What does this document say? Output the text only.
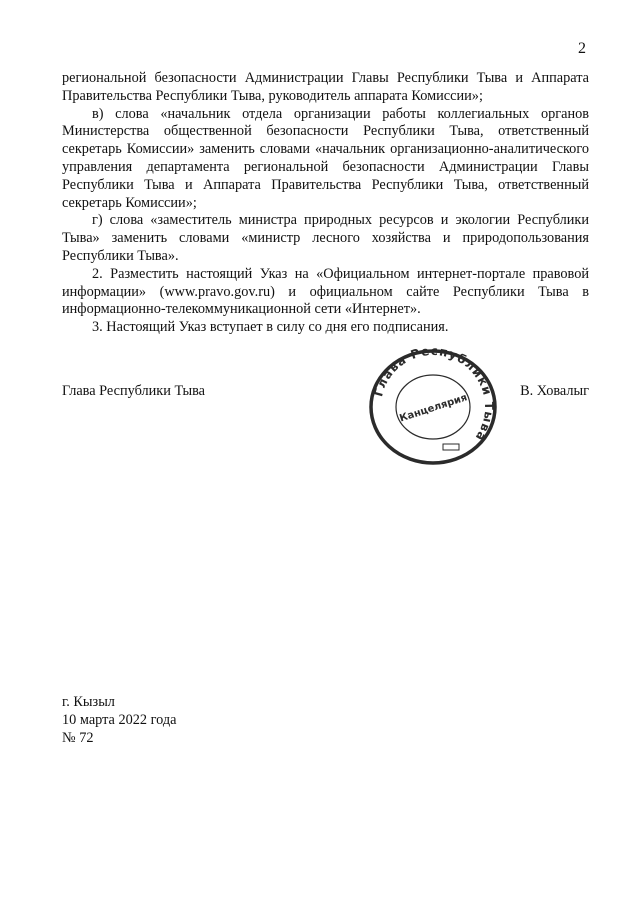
2

региональной безопасности Администрации Главы Республики Тыва и Аппарата Правительства Республики Тыва, руководитель аппарата Комиссии»;

в) слова «начальник отдела организации работы коллегиальных органов Министерства общественной безопасности Республики Тыва, ответственный секретарь Комиссии» заменить словами «начальник организационно-аналитического управления департамента региональной безопасности Администрации Главы Республики Тыва и Аппарата Правительства Республики Тыва, ответственный секретарь Комиссии»;

г) слова «заместитель министра природных ресурсов и экологии Республики Тыва» заменить словами «министр лесного хозяйства и природопользования Республики Тыва».

2. Разместить настоящий Указ на «Официальном интернет-портале правовой информации» (www.pravo.gov.ru) и официальном сайте Республики Тыва в информационно-телекоммуникационной сети «Интернет».

3. Настоящий Указ вступает в силу со дня его подписания.

Глава Республики Тыва	В. Ховалыг
Глава Республики Тыва
Канцелярия
г. Кызыл
10 марта 2022 года
№ 72
